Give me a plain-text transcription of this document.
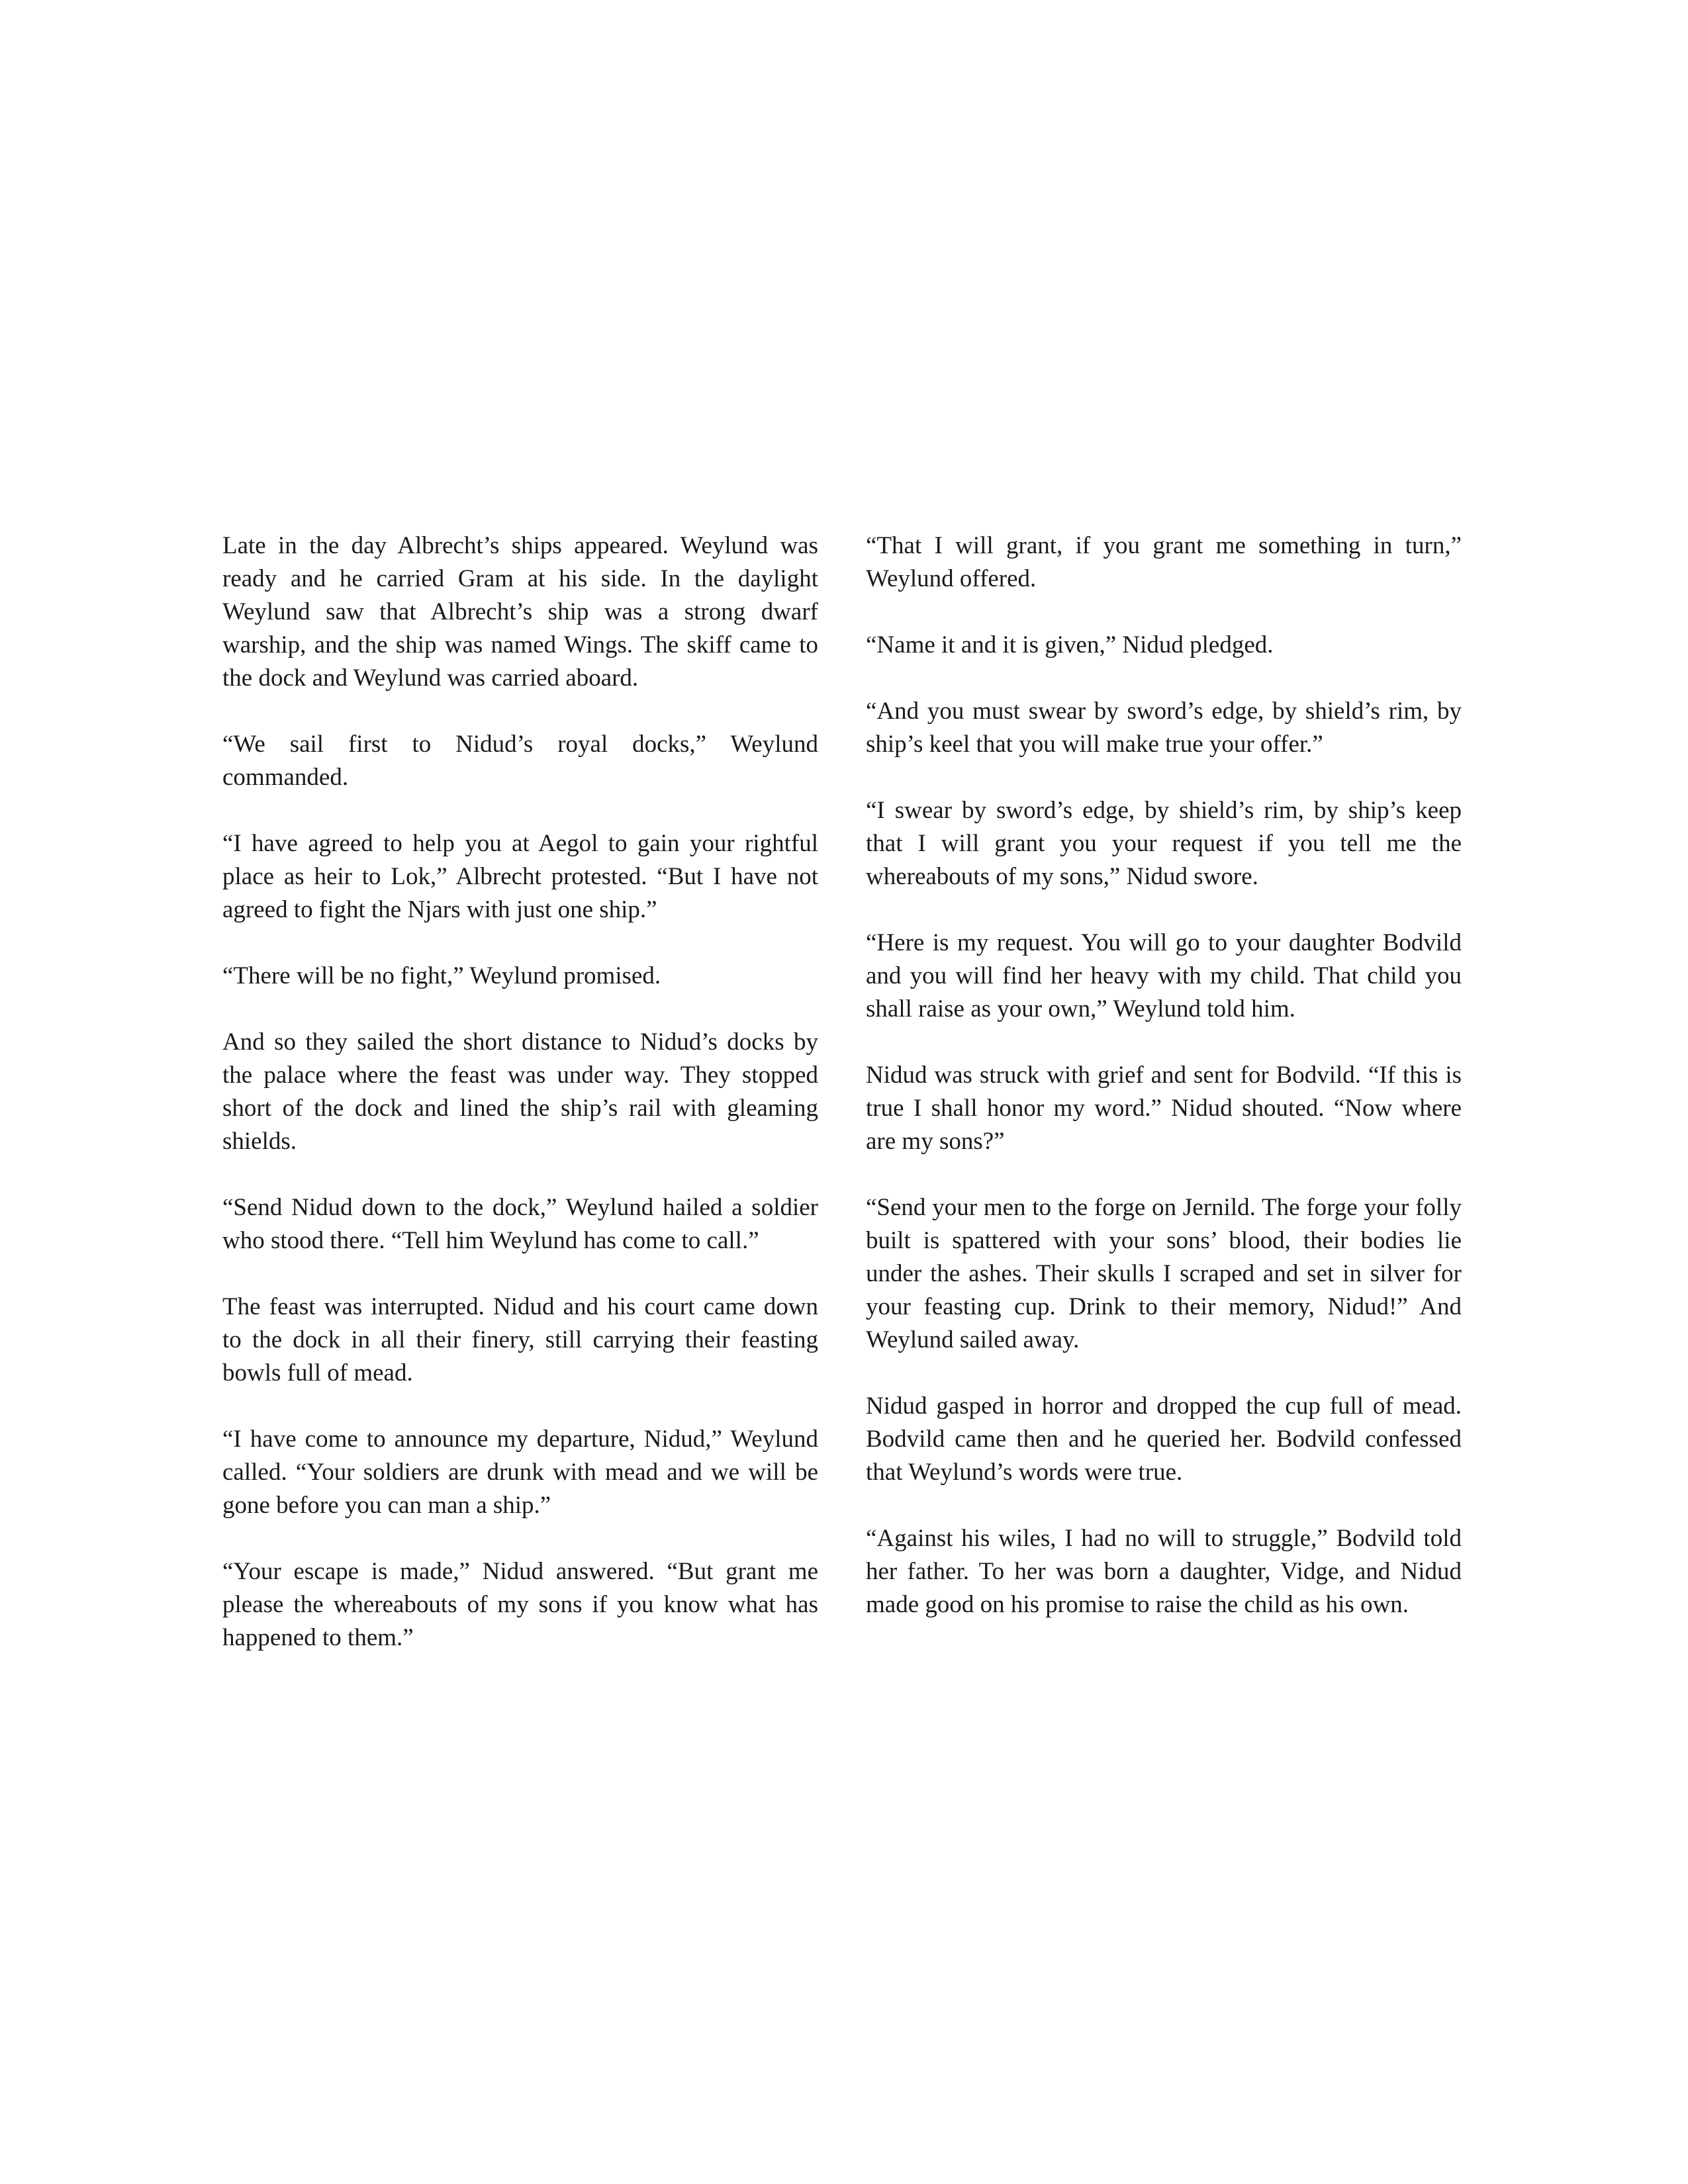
Late in the day Albrecht’s ships appeared. Weylund was ready and he carried Gram at his side. In the daylight Weylund saw that Albrecht’s ship was a strong dwarf warship, and the ship was named Wings. The skiff came to the dock and Weylund was carried aboard.

“We sail first to Nidud’s royal docks,” Weylund commanded.

“I have agreed to help you at Aegol to gain your rightful place as heir to Lok,” Albrecht protested. “But I have not agreed to fight the Njars with just one ship.”

“There will be no fight,” Weylund promised.

And so they sailed the short distance to Nidud’s docks by the palace where the feast was under way. They stopped short of the dock and lined the ship’s rail with gleaming shields.

“Send Nidud down to the dock,” Weylund hailed a soldier who stood there. “Tell him Weylund has come to call.”

The feast was interrupted. Nidud and his court came down to the dock in all their finery, still carrying their feasting bowls full of mead.

“I have come to announce my departure, Nidud,” Weylund called. “Your soldiers are drunk with mead and we will be gone before you can man a ship.”

“Your escape is made,” Nidud answered. “But grant me please the whereabouts of my sons if you know what has happened to them.”

“That I will grant, if you grant me something in turn,” Weylund offered.

“Name it and it is given,” Nidud pledged.

“And you must swear by sword’s edge, by shield’s rim, by ship’s keel that you will make true your offer.”

“I swear by sword’s edge, by shield’s rim, by ship’s keep that I will grant you your request if you tell me the whereabouts of my sons,” Nidud swore.

“Here is my request. You will go to your daughter Bodvild and you will find her heavy with my child. That child you shall raise as your own,” Weylund told him.

Nidud was struck with grief and sent for Bodvild. “If this is true I shall honor my word.” Nidud shouted. “Now where are my sons?”

“Send your men to the forge on Jernild. The forge your folly built is spattered with your sons’ blood, their bodies lie under the ashes. Their skulls I scraped and set in silver for your feasting cup. Drink to their memory, Nidud!” And Weylund sailed away.

Nidud gasped in horror and dropped the cup full of mead. Bodvild came then and he queried her. Bodvild confessed that Weylund’s words were true.

“Against his wiles, I had no will to struggle,” Bodvild told her father. To her was born a daughter, Vidge, and Nidud made good on his promise to raise the child as his own.
